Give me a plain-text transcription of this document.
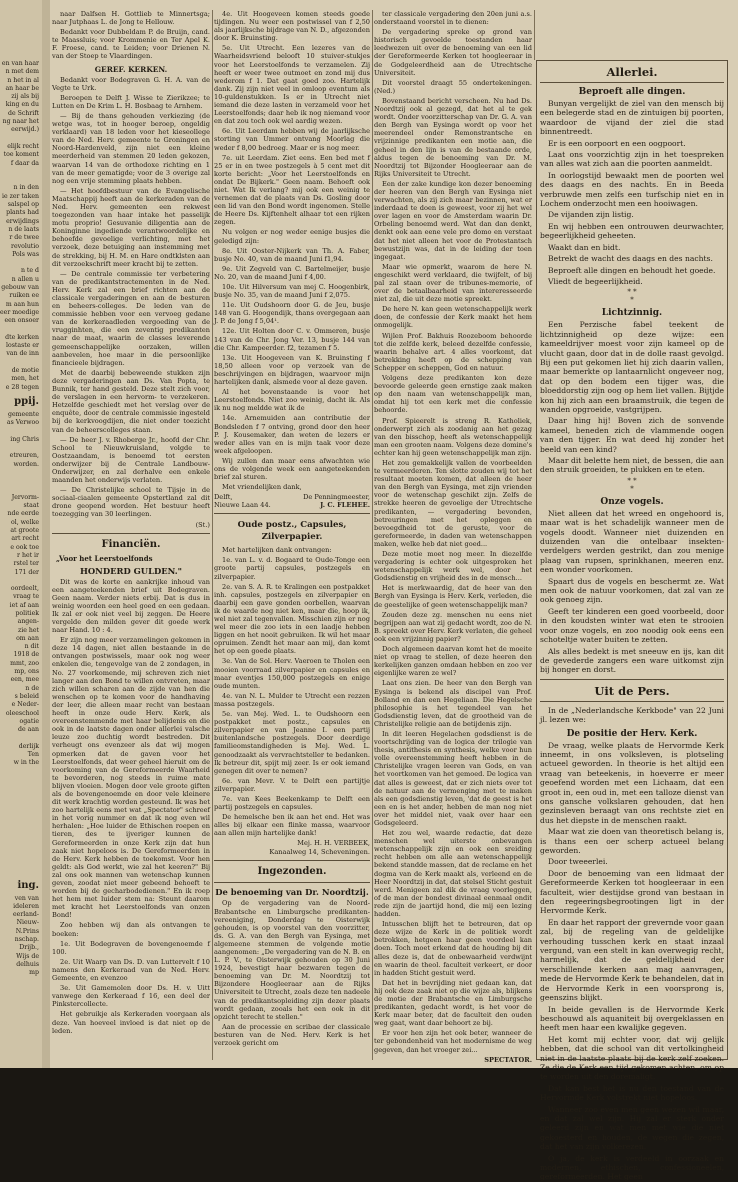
en van haar
n met dem
n het in al
an haar be
zij als bij
king en du
de Schrift
ng naar het
eerwijd.)
elijk recht
toe koment
f daar da
n in den
ie zer taken
salspel op
plants had
erwijdings
n de laats
r de twee
revolutio
Pols was
n te d
n allen u
gebouw van
ruiken ee
m aan hun
eer moedige
een onsoer
dte kerken
lostaste er
van de inn
de motie
men, het
e 28 tegen
ppij.
gemeente
as Verwoo
ing Chris
etreuren,
worden.
Jervorm-
staat
nde eerde
ol, welke
at groote
art recht
e ook toe
r het ir
rstel ter
171 der
oordeelt,
vraag te
iet af aan
politiek
angen-
zie het
om aan
n dit
1918 de
mmt, zoo
mp, ons
een, mee
n de
s beleid
e Neder-
oleeschool
ogatie
de aan
derlijk
Ten
w in the
ing.
ven van
ideleren
eerland-
Nieuw-
N.Prins
nschap.
Drijb.,
Wijs de
delhuis
mp

naar Dalfsen H. Gottlieb te Minnertsga; naar Jutphaas L. de Jong te Hellouw.

Bedankt voor Dubbeldam P. de Bruijn, cand. te Maassluis; voor Krommenie en Ter Apel K. F. Froese, cand. te Leiden; voor Drienen N. van der Stoep te Vlaardingen.

GEREF. KERKEN.

Bedankt voor Bodegraven G. H. A. van de Vegte te Urk.

Beroepen te Delft J. Wisse te Zierikzee; te Lutten en De Krim L. H. Bosbaag te Arnhem.

— Bij de thans gehouden verkiezing (de wetge was, tot in hooger beroep, ongeldig verklaard) van 18 leden voor het kieseollege van de Ned. Herv. gemeente te Groningen en Noord-Hardenveld, zijn niet een kleine meerderheid van stemmen 20 leden gekozen, waarvan 14 van de orthodoxe richting en 1 van de meer gematigde; voor de 3 overige zal nog een vrije stemming plaats hebben.

— Het hoofdbestuur van de Evangelische Maatschappij heeft aan de kerkeraden van de Ned. Herv. gemeenten een rekwest toegezonden van haar intake het passelijk motu proprio! Gesuvanie diligentia aan de Koninginne ingediende verantwoordelijke en behoefde gevoelige verlichting, met het verzoek, deze betuiging aan instemming met de strekking, bij H. M. en Hare ondtklsten aan dit verzoekschrift meer kracht bij te zetten.

— De centrale commissie ter verbetering van de predikantstractementen in de Ned. Herv. Kerk zal een brief richten aan de classicale vergaderingen en aan de besturen en beheers-colleges. De leden van de commissie hebben voor een vervoeg gedane van de kerkeraadleden vergoeding van de vrugginhten, die een zeventig predikanten naar de maat, waarin de classes leverende gemeenschappelijke oorzaken, willen aanbevelen, hoe maar in die persoonlijke financieele bijdragen.

Met de daarbij bebeweende stukken zijn deze vergaderingen aan Ds. Van Popta, te Bunnik, ter hand gesteld. Deze stelt zich voor, de verslagen in een hervorm- te verzekeren. Hetzelfde geschiedt met het verslag over de enquête, door de centrale commissie ingesteld bij de kerkvoogdijen, die niet onder toezicht van de beheerscolleges staan.

— De heer J. v. Rhoberge Jr., hoofd der Chr. School te Nieuwkruisland, volgde te Oostzaandam, is benoemd tot eersten onderwijzer bij de Centrale Landbouw-Onderwijzer, en zal derhalve een enkele maanden het onderwijs verlaten.

— De Christelijke school te Tijsje in de sociaal-ciaalen gemeente Opstertland zal dit drone geopend worden. Het bestuur heeft toezegging van 30 leerlingen.

(St.)
Financiën.
„Voor het Leerstoelfonds
HONDERD GULDEN."

Dit was de korte en aankrijke inhoud van een aangeteekenden brief uit Bodegraven. Geen naam. Verder niets erbij. Dat is dus in weinig woorden een heel goed en een gedaan. Ik zal er ook niet veel bij zeggen. De Heere vergelde den milden gever dit goede werk naar Hand. 10 : 4.

Er zijn nog meer verzamelingen gekomen in deze 14 dagen, niet allen bestaande in de ontvangen postwissels, maar ook nog weer enkelen die, tengevolge van de 2 zondagen, in No. 27 voorkomende, mij schreven zich niet langer aan den Bond te willen ontvreten, maar zich willen scharen aan de zijde van hen die wenschen op te komen voor de handhaving der leer, die alleen maar recht van bestaan heeft in onze oude Herv. Kerk, als overeenstemmende met haar belijdenis en die ook in de laatste dagen onder allerlei valsche leuze zoo duchtig wordt bestreden. Dit verheugt ons evenzeer als dat wij mogen opmerken dat de gaven voor het Leerstoelfonds, dat weer geheel hieruit om de voorkoming van de Gereformeerde Waarheid te bevorderen, nog steeds in ruime mate blijven vloeien. Mogen door vele groote giften als de bovengenoemde en door vele kleinere dit werk krachtig worden gesteund. Ik was het zoo hartelijk eens met wat „Spectator" schreef in het vorig nummer en dat ik nog even wil herhalen: „Hoe luider de Ethischen roepen en tieren, des te ijveriger kunnen de Gereformeerden in onze Kerk zijn dat hun zaak niet hopeloos is. De Gereformeerden in de Herv. Kerk hebben de toekomst. Voor hen geldt: als God werkt, wie zal het keeren?" Bij zal ons ook mannen van wetenschap kunnen geven, zoodat niet meer gebeend behoeft te worden bij de gecharbodedienen." En ik roep het hem met luider stem na: Steunt daarom met kracht het Leerstoelfonds van onzen Bond!

Zoo hebben wij dan als ontvangen te boeken:

1e. Uit Bodegraven de bovengenoemde f 100.

2e. Uit Waarp van Ds. D. van Luttervelt f 10 namens den Kerkeraad van de Ned. Herv. Gemeente, en evenzoo

3e. Uit Gamemolen door Ds. H. v. Uitt vanwege den Kerkeraad f 16, een deel der Pinkstercollecte.

Het gebruikje als Kerkeraden voorgaan als deze. Van hoeveel invloed is dat niet op de leden.

4e. Uit Hoogeveen komen steeds goede tijdingen. Nu weer een postwissel van f 2,50 als jaarlijksche bijdrage van N. D., afgezonden door K. Bruinsting.

5e. Uit Utrecht. Een lezeres van de Waarheidsvriend belooft 10 stuiver-stukjes voor het Leerstoelfonds te verzamelen. Zij heeft er weer twee outmoet en zond mij dus wederom f 1. Dat gaat goed zoo. Hartelijk dank. Zij zijn niet veel in omloop eventum als 10-guldenstukken. Is er in Utrecht niet iemand die deze lasten in verzameld voor het Leerstoelfonds; daar heb ik nog niemand voor en dat zou toch ook wel aardig wezen.

6e. Uit Leerdam hebben wij de jaarlijksche storting van Ummer ontvang Moorlag die weder f 8,00 bedroeg. Maar er is nog meer.

7e. uit Leerdam. Ziet eens. Een bed met f 25 er in en twee postzegels à 5 cent met dit korte bericht: „Voor het Leerstoelfonds en ondat De Bijkerk." Geen naam. Behoeft ook niet. Wat Ik verlang? mij ook een weinig te vernemen dat de plaats van Ds. Gosling door een lid van den Bond wordt ingenomen. Stelle de Heere Ds. Kijftenhelt alhaar tot een rijken zegen.

Nu volgen er nog weder eenige busjes die geledigd zijn:

8e. Uit Ooster-Nijkerk van Th. A. Faber, busje No. 40, van de maand Juni f1,94.

9e. Uit Zegveld van C. Bartelmeijer, busje No. 20, van de maand Juni f 4,00.

10e. Uit Hilversum van mej C. Hoogenbirk, busje No. 35, van de maand Juni f 2,075.

11e. Uit Oudshoorn door G. de Jeu, busje 148 van G. Hoogendijk, thans overgegaan aan J. P. de Jong f 5,04¹.

12e. Uit Holten door C. v. Ommeren, busje 143 van de Chr. Jong Ver. 13, busje 144 van die Chr. Kampeerder. f2, tezamen f 5.

13e. Uit Hoogeveen van K. Bruinsting f 18,50 alleen voor op verzoek van de beschrijvingen en bijdragen, waarvoor mijn hartelijken dank, alsmede voor al deze gaven.

Al het bovenstaande is voor het Leerstoelfonds. Niet zoo weinig, dacht ik. Als ik nu nog meldde wat ik de

14e. Arnemuiden aan contributie der Bondsleden f 7 ontving, grond door den heer P. J. Kousemaker, dan weten de lezers er weder alles van en is mijn taak voor deze week afgeloopen.

Wij zullen dan maar eens afwachten wie ons de volgende week een aangeteekenden brief zal sturen.

Met vriendelijken dank,

Delft,	De Penningmeester,
Nieuwe Laan 44.	J. C. FLEHEE.
Oude postz., Capsules, Zilverpapier.

Met hartelijken dank ontvangen:

1e. van L. v. d. Bogaard te Oude-Tonge een groote partij capsules, postzegels en zilverpapier.

2e. van S. A. R. te Kralingen een postpakket inh. capsules, postzegels en zilverpapier en daarbij een gave gonden oorbellen, waarvan ik de waarde nog niet ken, maar die, hoop ik, wel niet zal tegenvallen. Misschien zijn er nog wel meer die zoo iets in een laadje hebben liggen en het nooit gebruiken. Ik wil het maar opruimen. Zendt het maar aan mij, dan komt het op een goede plaats.

3e. Van de Sol. Herv. Vaeroen te Tholen een mooien voorraad zilverpapier en capsules en maar eventjes 150,000 postzegels en enige oude munten.

4e. van N. L. Mulder te Utrecht een rezzen massa postzegels.

5e. van Mej. Wed. L. te Oudshoorn een postpakket met postz., capsules en zilverpapier en van Jeanne I. een partij buitenlandsche postzegels. Door deerdige familieomstandigheden is Mej. Wed. L. genoodzaakt als vervrachtsteller te bedanken. Ik betreur dit, spijt mij zeer. Is er ook iemand genegen dit over te nemen?

6e. van Mevr. V. te Delft een partijtje zilverpapier.

7e. van Kees Beekenkamp te Delft een partij postzegels en capsules.

De hemelsche ben ik aan het end. Het was alles bij elkaar een flinke massa, waarvoor aan allen mijn hartelijke dank!

Mej. H. H. VERBEEK,
Kanaalweg 14, Scheveningen.
Ingezonden.
De benoeming van Dr. Noordtzij.

Op de vergadering van de Noord-Brabantsche en Limburgsche predikanten-vereeniging, Donderdag te Oisterwijk gehouden, is op voorstel van den voorzitter, ds. G. A. van den Bergh van Eysinga, met algemeene stemmen de volgende motie aangenomen: „De vergadering van de N. B. en L. P. V., te Oisterwijk gehouden op 30 Juni 1924, bevestigt haar bezwaren tegen de benoeming van Dr. M. Noordtzij tot Bijzondere Hoogleeraar aan de Rijks Universiteit te Utrecht, zoals deze ten nadeele van de predikantsopleiding zijn dezer plaats wordt gedaan, zooals het een ook in dit opzicht terecht te stellen."

Aan de processie en scribae der classicale besturen van de Ned. Herv. Kerk is het verzoek gericht om

ter classicale vergadering den 20en juni a.s. onderstaand voorstel in te dienen:

De vergadering spreke op grond van historisch gevoelde toestanden haar leedwezen uit over de benoeming van een lid der Gereformeerde Kerken tot hoogleeraar in de Godgeleerdheid aan de Utrechtsche Universiteit.

Dit voorstel draagt 55 ondertekeningen. (Ned.)

Bovenstaand bericht verscheen. Nu had Ds. Noordtzij ook al gezegd, dat het al te gek wordt. Onder voorzitterschap van Dr. G. A. van den Bergh van Eysinga wordt op voor het meerendeel onder Remonstrantsche en vrijzinnige predikanten een motie aan, die geheel in den lijn is van de bestaande orde, aldus tegen de benoeming van Dr. M. Noordtzij tot Bijzonder Hoogleeraar aan de Rijks Universiteit te Utrecht.

Een der zake kundige kon dezer benoeming der heeren van den Bergh van Eysinga niet verwachten, als zij zich maar bezinnen, wat er inderdaad te doen is geweest, voor zij het wel over lagen en voor de Amsterdam waarin Dr. Orbeling benoemd werd. Wat dan dan denkt, denkt ook aan eene vele pro domo en verstaat dat het niet alleen het voor de Protestantsch bewustzijn was, dat in de leiding der toen ingegaat.

Maar wie opmerkt, waarom de here N. engeschikt werd verklaard, die twijfelt, of bij pal zal staan over de tribunes-memorie, of over de betaalbaarheid van intereresseerde niet zal, die uit deze motie spreekt.

De here N. kan geen wetenschappelijk werk doen, de confessie der Kerk maakt het hem onmogelijk.

Wijlen Prof. Bakhuis Roozeboom behoorde tot die zelfde kerk, beleed dezelfde confessie, waarin behalve art. 4 alles voorkomt, dat betrekking heeft op de schepping van Schepper en scheppen, God en natuur.

Volgens deze predikanten kon deze bevoorde geleerde geen ernstige zaak maken op den naam van wetenschappelijk man, omdat hij tot een kerk met die confessie behoorde.

Prof. Spieerelt is streng R. Katholiek, onderwerpt zich als zoodanig aan het gezag van den bisschop, heeft als wetenschappelijk man een grooten naam. Volgens deze domine's echter kan hij geen wetenschappelijk man zijn.

Het zou gemakkelijk vallen de voorbeelden te vermeerderen. Ten slotte zouden wij tot het resultaat moeten komen, dat alleen de heer van den Bergh van Eysinga, met zijn vrienden voor de wetenschap geschikt zijn. Zelfs de strekke heeren de gevoelige der Utrechtsche predikanten, — vergadering bevonden, betreuringen met het opleggen en bevoegdheid tot de geruste, voor de gereformeerde, in daden van wetenschappen maken, welke heb dat niet goed...

Deze motie moet nog meer. In diezelfde vergadering is echter ook uitgesproken het wetenschappelijk werk wel, door het Godsdienstig en vrijheid des in de mensch...

Het is merkwaardig, dat de heer van den Bergh van Eysinga is Herv. Kerk, verleden, die de geestelijke of geen wetenschappelijk man?

Zouden deze zg. menschen nu eens niet begrijpen aan wat zij gedacht wordt, zoo de N. B. spreekt over Herv. Kerk verlaten, die geheel ook een vrijzinnig papier?

Doch algemeen daarvan komt het de moeite niet op vraag te stellen, of deze heeren den kerkelijken ganzen omdaan hebben en zoo ver eigenlijke waren ze wel?

Laat ons zien. De heer van den Bergh van Eysinga is bekend als discipel van Prof. Bolland en dan een Hegeliaan. Die Hegelsche philosophie is het tegendeel van het Godsdienstig leven, dat de grootheid van de Christelijke religie aan de betijdenis zijn.

In dit leeren Hegelachen godsdienst is de voortschrijding van de logica der trilogie van thesis, antithesis en synthesis, welke voor hun volle overeenstemming heeft hebben in de Christelijke vragen leeren van Gods, en van het voortkomen van het gemoed. De logica van dat alles is geweest, dat er zich niets over tot de natuur aan de vermenging met te maken als een godsdienstig leven, 'dat de geest is het een en is het ander, hebben de man nog niet over het middel niet, vaak over haar een Godsgeleerd.

Het zou wel, waarde redactie, dat deze menschen wel uiterste onbevangen wetenschappelijk zijn en ook een sreiding recht hebben om alle aan wetenschappelijk bekend standde massen, dat de reclame en het dogma van de Kerk maakt als, verleend en de Heer Noordtzij in dat, dat stelsel Sticht gestuit werd. Menigeen zal dik de vraag voorleggen, of de man der bondest divinaal eenmaal ondit rede zijn de jaartijd hond, die mij een lezing hadden.

Intusschen blijft het te betreuren, dat op deze wijze de Kerk in de politiek wordt betrokken, hetgeen haar geen voordeel kan doen. Toch moet erkend dat de houding bij dit alles deze is, dat de onbewaarheid verdwijnt en waarin de theol. faculteit verkeert, er door in hadden Sticht gestuit werd.

Dat het in bevrijding niet gedaan kan, dat hij ook deze zaak niet op die wijze als, blijkens de motie der Brabantsche en Limburgsche predikanten, gedacht wordt, is het voor de Kerk maar beter, dat de faculteit den ouden weg gaat, want daar behoort ze bij.

Er voor hen zijn het ook beter, wanneer de ter gebondenheid van het modernisme de weg gegeven, dan het vroeger zei...

SPECTATOR.
Allerlei.
Beproeft alle dingen.

Bunyan vergelijkt de ziel van den mensch bij een belegerde stad en de zintuigen bij poorten, waardoor de vijand der ziel die stad binnentreedt.

Er is een oorpoort en een oogpoort.

Laat ons voorzichtig zijn in het toespreken van alles wat zich aan die poorten aanmeldt.

In oorlogstijd bewaakt men de poorten wel des daags en des nachts. En in Beeda verbruwde men zelfs een turfschip niet en in Lochem onderzocht men een hooiwagen.

De vijanden zijn listig.

En wij hebben een ontrouwen deurwachter, begeerlijkheid geheeten.

Waakt dan en bidt.

Betrekt de wacht des daags en des nachts.

Beproeft alle dingen en behoudt het goede.

Vliedt de begeerlijkheid.

* *
*
Lichtzinnig.

Een Perzische fabel teekent de lichtzinnigheid op deze wijze: een kameeldrijver moest voor zijn kameel op de vlucht gaan, door dat in de dolle raast gevolgd. Bij een put gekomen liet hij zich daarin vallen, maar bemerkte op lantaarnlicht ongeveer nog, dat op den bodem een tijger was, die bloeddorstig zijn oog op hem liet vallen. Bijtjde kon hij zich aan een braamstruik, die tegen de wanden opgroeide, vastgrijpen.

Daar hing hij! Boven zich de sonvende kameel, beneden zich de vlammende oogen van den tijger. En wat deed hij zonder het beeld van een kind?

Maar dit belette hem niet, de bessen, die aan den struik groeiden, te plukken en te eten.

* *
*
Onze vogels.

Niet alleen dat het wreed en ongehoord is, maar wat is het schadelijk wanneer men de vogels doodt. Wanneer niet duizenden en duizenden van die ontelbaar insekten- verdelgers werden gestrikt, dan zou menige plaag van rupsen, sprinkhanen, meeren enz. een wonder voorkomen.

Spaart dus de vogels en beschermt ze. Wat men ook de natuur voorkomen, dat zal van ze ook genoeg zijn.

Geeft ter kinderen een goed voorbeeld, door in den koudsten winter wat eten te strooien voor onze vogels, en zoo noodig ook eens een schoteltje water buiten te zetten.

Als alles bedekt is met sneeuw en ijs, kan dit de gevederde zangers een ware uitkomst zijn bij honger en dorst.

Uit de Pers.

In de „Nederlandsche Kerkbode" van 22 Juni jl. lezen we:

De positie der Herv. Kerk.

De vraag, welke plaats de Hervormde Kerk inneemt, in ons volksleven, is plotseling actueel geworden. In theorie is het altijd een vraag van beteekenis, in hoeverre er meer geoefend worden met een Lichaam, dat een groot in, een oud in, met een talloze dienst van ons gansche volkslaren gehouden, dat hen gezinsleven beraagt van ons rechtste ziet en dus het diepste in de menschen raakt.

Maar wat zie doen van theoretisch belang is, is thans een oer scherp actueel belang geworden.

Door tweeerlei.

Door de benoeming van een lidmaat der Gereformeerde Kerken tot hoogleeraar in een faculteit, wier destijdse grond van bestaan in den regeeringsbegrootingen ligt in der Hervormde Kerk.

En daar het rapport der grevernde voor gaan zal, bij de regeling van de geldelijke verhouding tusschen kerk en staat inzaal vergund, van een stelt in kan overwegig recht, harmelijk, dat de geldelijkheid der verschillende kerken aan mag aanvragen, mede de Hervormde Kerk te behandelen, dat in de Hervormde Kerk in een voorsprong is, geenszins blijkt.

In beide gevallen is de Hervormde Kerk beschouwd als aquaniteit bij overgeklassen en heeft men haar een kwalijke gegeven.

Het komt mij echter voor, dat wij gelijk hebben, dat die school van dit vertolkingheid niet in de laatste plaats bij de kerk zelf zoeken. Ze die de Kerk een tijd gekomen achten, om op te worden uit den doremaligt.

Dat kan best het is nu den toestand van de Hervormde Kerk volstrekt niet hopeloos.

Wanneer zoo even men geen wezen wil maar, en dat zal wel zijn. Hij zal er sterk onder geleerd zijn en wat men met wie die niet gekoesterd en houden, de wegen die zegen, dat het van zijn volkerezen.

O ja, de kerk is verdeeld in oorzaak en modernen, ethischen, confessioneelen, gereformeerden. Het geen
